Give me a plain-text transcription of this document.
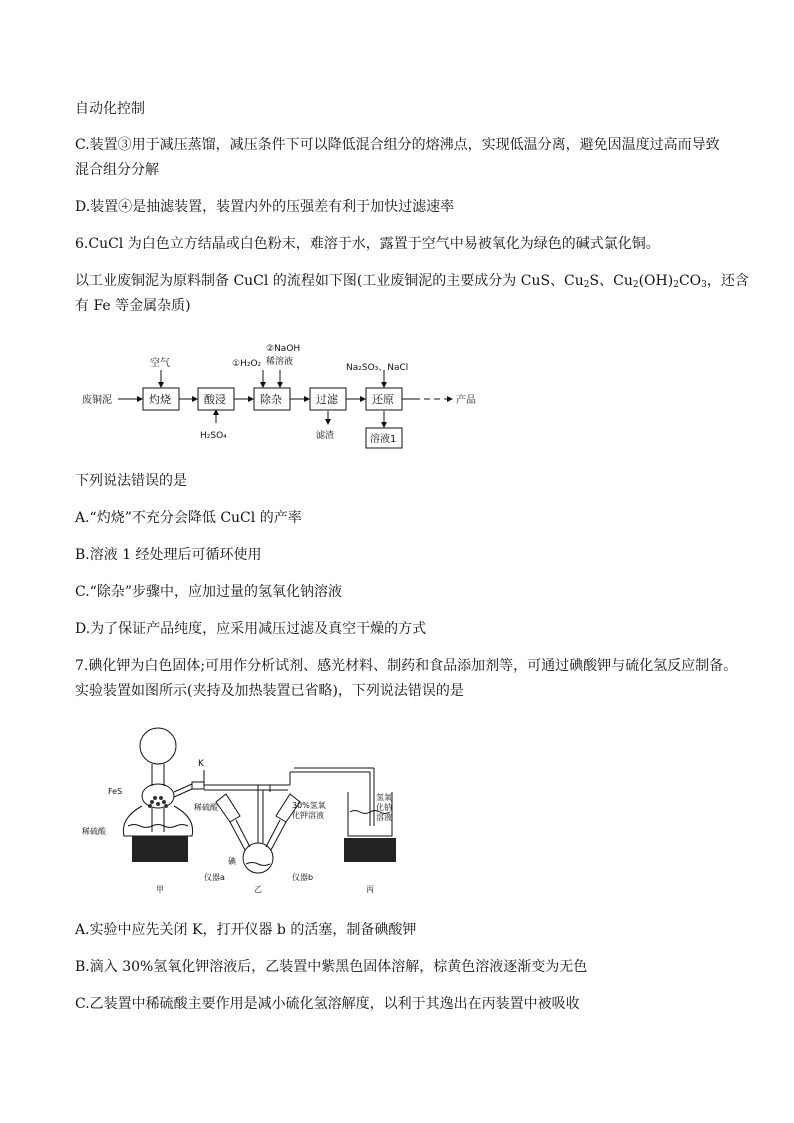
自动化控制
C.装置③用于减压蒸馏，减压条件下可以降低混合组分的熔沸点，实现低温分离，避免因温度过高而导致
混合组分分解
D.装置④是抽滤装置，装置内外的压强差有利于加快过滤速率
6.CuCl 为白色立方结晶或白色粉末，难溶于水，露置于空气中易被氧化为绿色的碱式氯化铜。
以工业废铜泥为原料制备 CuCl 的流程如下图(工业废铜泥的主要成分为 CuS、$Cu_2S$、$Cu_2(OH)_2CO_3$，还含
有 Fe 等金属杂质)
废铜泥
空气
灼烧	酸浸
H₂SO₄
①H₂O₂
②NaOH
稀溶液
除杂	过滤
滤渣
Na₂SO₃、NaCl
还原
溶液1
产品
下列说法错误的是
A.“灼烧”不充分会降低 CuCl 的产率
B.溶液 1 经处理后可循环使用
C.“除杂”步骤中，应加过量的氢氧化钠溶液
D.为了保证产品纯度，应采用减压过滤及真空干燥的方式
7.碘化钾为白色固体;可用作分析试剂、感光材料、制药和食品添加剂等，可通过碘酸钾与硫化氢反应制备。
实验装置如图所示(夹持及加热装置已省略)，下列说法错误的是
K
FeS
稀硫酸
稀硫酸	30%氢氧
化钾溶液
氢氧
化钠
溶液
碘
仪器a	仪器b
甲	乙	丙
A.实验中应先关闭 K，打开仪器 b 的活塞，制备碘酸钾
B.滴入 30%氢氧化钾溶液后，乙装置中紫黑色固体溶解，棕黄色溶液逐渐变为无色
C.乙装置中稀硫酸主要作用是减小硫化氢溶解度，以利于其逸出在丙装置中被吸收
